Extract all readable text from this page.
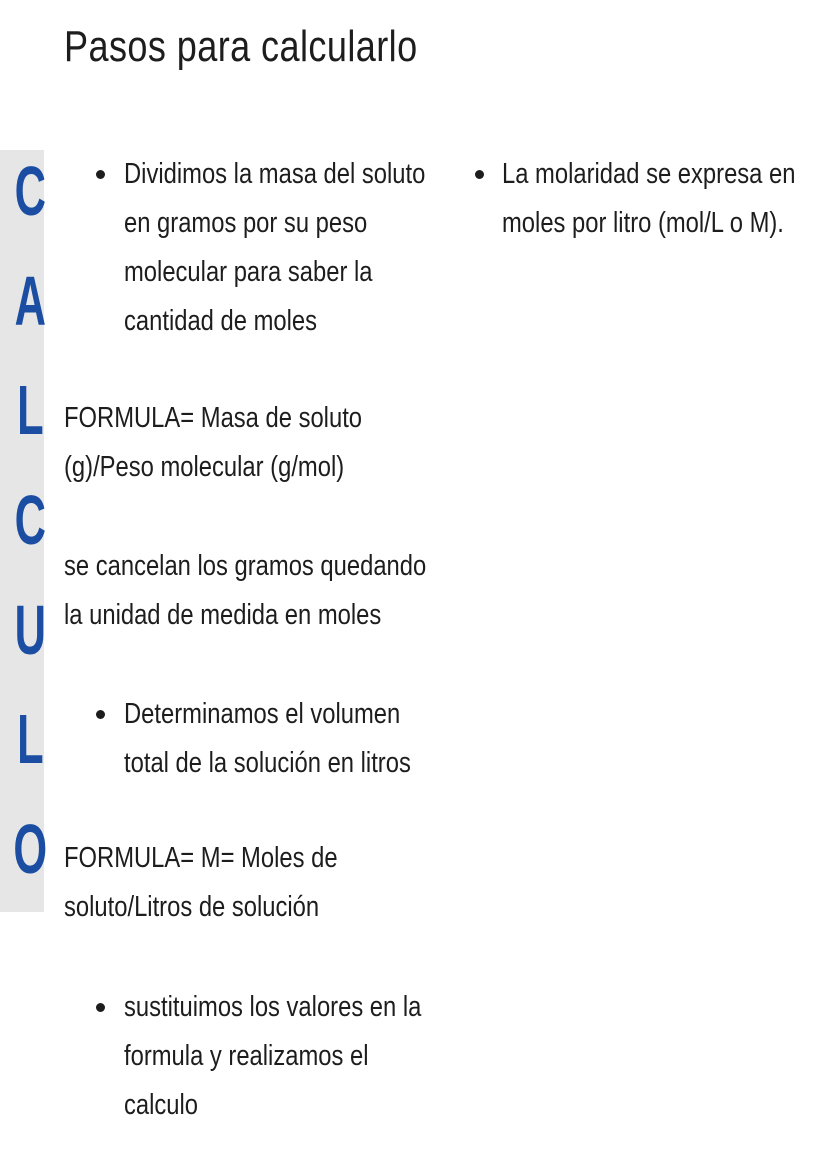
Pasos para calcularlo
C
A
L
C
U
L
O
Dividimos la masa del soluto
en gramos por su peso
molecular para saber la
cantidad de moles
La molaridad se expresa en
moles por litro (mol/L o M).
FORMULA= Masa de soluto
(g)/Peso molecular (g/mol)
se cancelan los gramos quedando
la unidad de medida en moles
Determinamos el volumen
total de la solución en litros
FORMULA= M= Moles de
soluto/Litros de solución
sustituimos los valores en la
formula y realizamos el
calculo
